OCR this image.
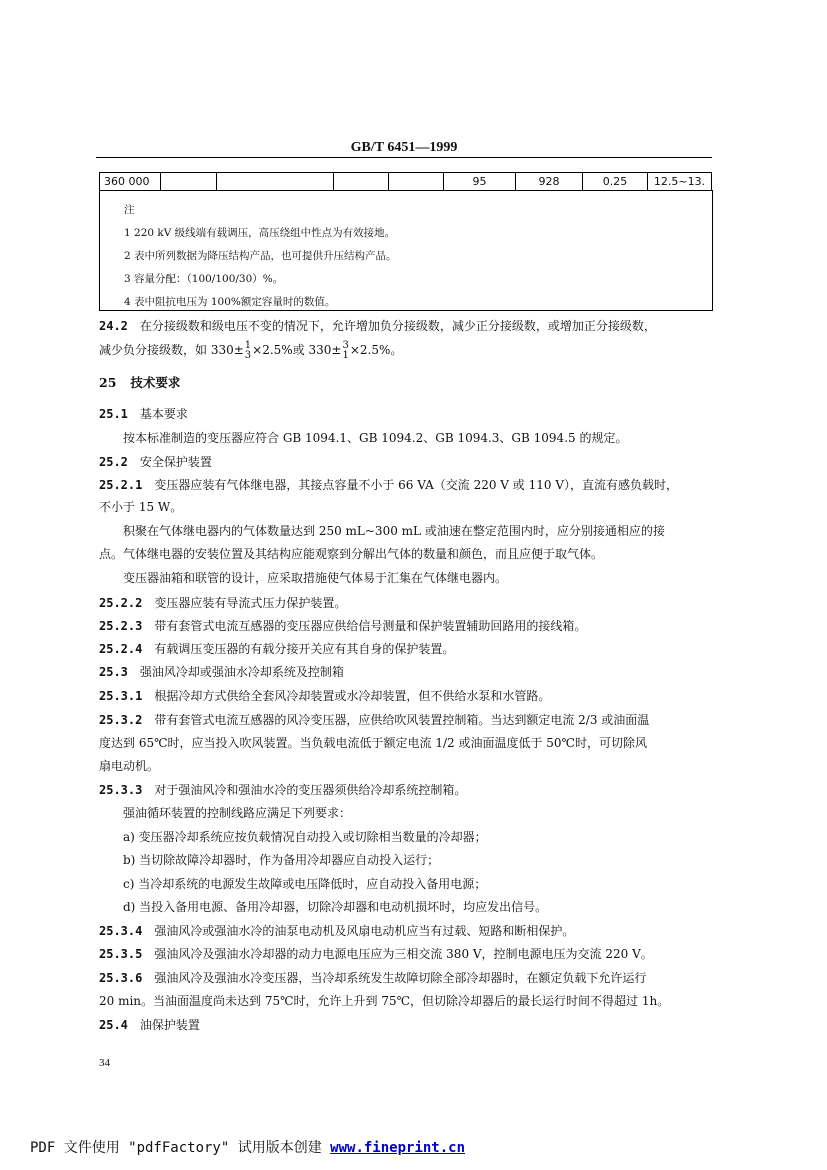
GB/T 6451—1999
360 000					95	928	0.25	12.5~13.
注
1 220 kV 级线端有载调压，高压绕组中性点为有效接地。
2 表中所列数据为降压结构产品，也可提供升压结构产品。
3 容量分配：（100/100/30）%。
4 表中阻抗电压为 100%额定容量时的数值。
24.2 在分接级数和级电压不变的情况下，允许增加负分接级数，减少正分接级数，或增加正分接级数，
减少负分接级数，如 330± 1
3 ×2.5%或 330± 3
1 ×2.5%。
25 技术要求
25.1 基本要求
按本标准制造的变压器应符合 GB 1094.1、GB 1094.2、GB 1094.3、GB 1094.5 的规定。
25.2 安全保护装置
25.2.1 变压器应装有气体继电器，其接点容量不小于 66 VA（交流 220 V 或 110 V），直流有感负载时，
不小于 15 W。
积聚在气体继电器内的气体数量达到 250 mL~300 mL 或油速在整定范围内时，应分别接通相应的接
点。气体继电器的安装位置及其结构应能观察到分解出气体的数量和颜色，而且应便于取气体。
变压器油箱和联管的设计，应采取措施使气体易于汇集在气体继电器内。
25.2.2 变压器应装有导流式压力保护装置。
25.2.3 带有套管式电流互感器的变压器应供给信号测量和保护装置辅助回路用的接线箱。
25.2.4 有载调压变压器的有载分接开关应有其自身的保护装置。
25.3 强油风冷却或强油水冷却系统及控制箱
25.3.1 根据冷却方式供给全套风冷却装置或水冷却装置，但不供给水泵和水管路。
25.3.2 带有套管式电流互感器的风冷变压器，应供给吹风装置控制箱。当达到额定电流 2/3 或油面温
度达到 65℃时，应当投入吹风装置。当负载电流低于额定电流 1/2 或油面温度低于 50℃时，可切除风
扇电动机。
25.3.3 对于强油风冷和强油水冷的变压器须供给冷却系统控制箱。
强油循环装置的控制线路应满足下列要求：
a) 变压器冷却系统应按负载情况自动投入或切除相当数量的冷却器；
b) 当切除故障冷却器时，作为备用冷却器应自动投入运行；
c) 当冷却系统的电源发生故障或电压降低时，应自动投入备用电源；
d) 当投入备用电源、备用冷却器，切除冷却器和电动机损坏时，均应发出信号。
25.3.4 强油风冷或强油水冷的油泵电动机及风扇电动机应当有过载、短路和断相保护。
25.3.5 强油风冷及强油水冷却器的动力电源电压应为三相交流 380 V，控制电源电压为交流 220 V。
25.3.6 强油风冷及强油水冷变压器，当冷却系统发生故障切除全部冷却器时，在额定负载下允许运行
20 min。当油面温度尚未达到 75℃时，允许上升到 75℃，但切除冷却器后的最长运行时间不得超过 1h。
25.4 油保护装置
34
PDF 文件使用 "pdfFactory" 试用版本创建 www.fineprint.cn
